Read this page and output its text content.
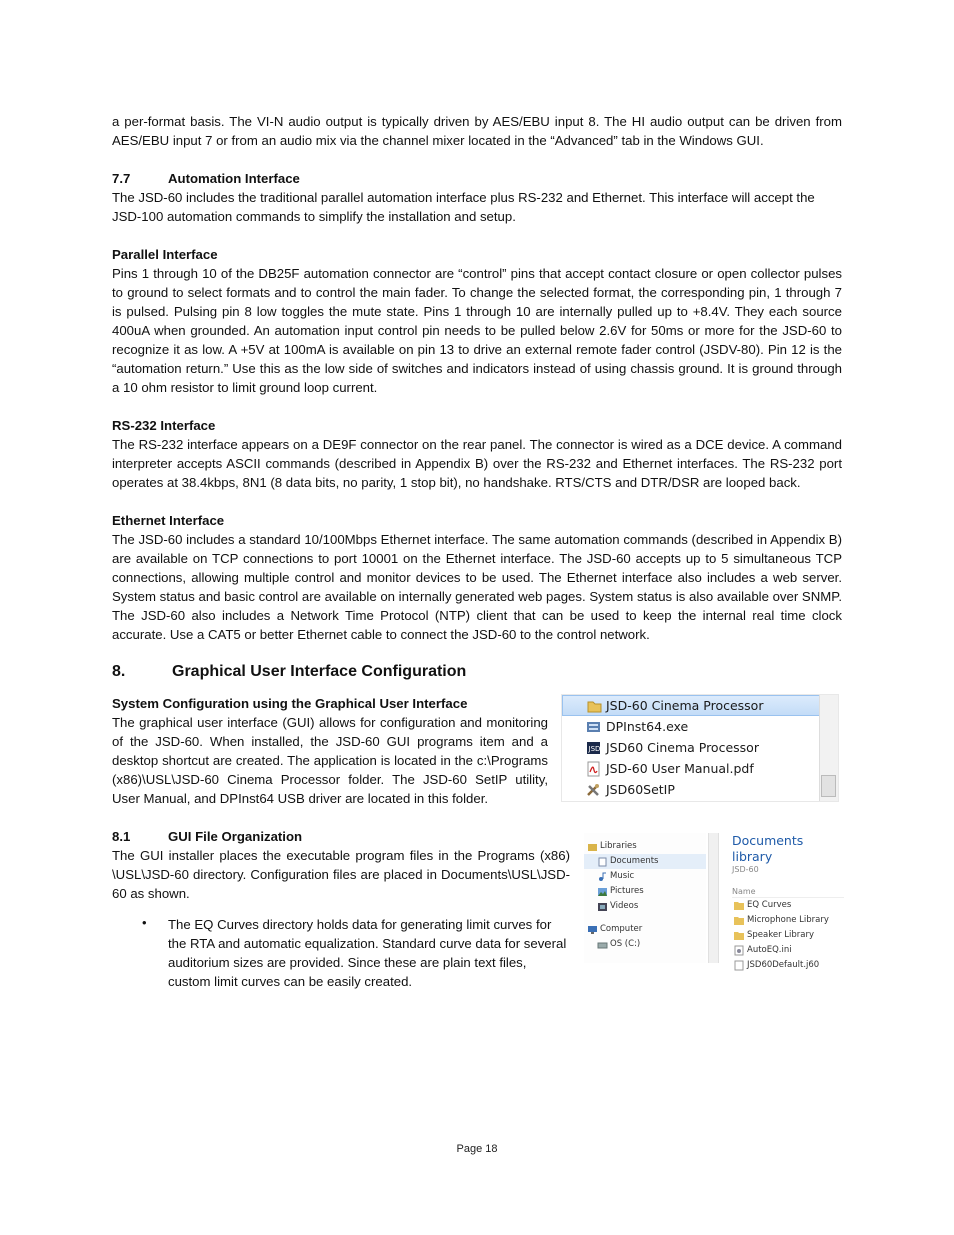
a per-format basis. The VI-N audio output is typically driven by AES/EBU input 8. The HI audio output can be driven from AES/EBU input 7 or from an audio mix via the channel mixer located in the “Advanced” tab in the Windows GUI.

7.7	Automation Interface

The JSD-60 includes the traditional parallel automation interface plus RS-232 and Ethernet. This interface will accept the JSD-100 automation commands to simplify the installation and setup.

Parallel Interface

Pins 1 through 10 of the DB25F automation connector are “control” pins that accept contact closure or open collector pulses to ground to select formats and to control the main fader. To change the selected format, the corresponding pin, 1 through 7 is pulsed. Pulsing pin 8 low toggles the mute state. Pins 1 through 10 are internally pulled up to +8.4V. They each source 400uA when grounded. An automation input control pin needs to be pulled below 2.6V for 50ms or more for the JSD-60 to recognize it as low. A +5V at 100mA is available on pin 13 to drive an external remote fader control (JSDV-80). Pin 12 is the “automation return.” Use this as the low side of switches and indicators instead of using chassis ground. It is ground through a 10 ohm resistor to limit ground loop current.

RS-232 Interface

The RS-232 interface appears on a DE9F connector on the rear panel. The connector is wired as a DCE device. A command interpreter accepts ASCII commands (described in Appendix B) over the RS-232 and Ethernet interfaces. The RS-232 port operates at 38.4kbps, 8N1 (8 data bits, no parity, 1 stop bit), no handshake. RTS/CTS and DTR/DSR are looped back.

Ethernet Interface

The JSD-60 includes a standard 10/100Mbps Ethernet interface. The same automation commands (described in Appendix B) are available on TCP connections to port 10001 on the Ethernet interface. The JSD-60 accepts up to 5 simultaneous TCP connections, allowing multiple control and monitor devices to be used. The Ethernet interface also includes a web server. System status and basic control are available on internally generated web pages. System status is also available over SNMP. The JSD-60 also includes a Network Time Protocol (NTP) client that can be used to keep the internal real time clock accurate. Use a CAT5 or better Ethernet cable to connect the JSD-60 to the control network.

8.	Graphical User Interface Configuration
System Configuration using the Graphical User Interface

The graphical user interface (GUI) allows for configuration and monitoring of the JSD-60. When installed, the JSD-60 GUI programs item and a desktop shortcut are created. The application is located in the c:\Programs (x86)\USL\JSD-60 Cinema Processor folder. The JSD-60 SetIP utility, User Manual, and DPInst64 USB driver are located in this folder.

JSD-60 Cinema Processor
DPInst64.exe
JSD JSD60 Cinema Processor
JSD-60 User Manual.pdf
JSD60SetIP
8.1	GUI File Organization

The GUI installer places the executable program files in the Programs (x86) \USL\JSD-60 directory. Configuration files are placed in Documents\USL\JSD-60 as shown.

• The EQ Curves directory holds data for generating limit curves for the RTA and automatic equalization. Standard curve data for several auditorium sizes are provided. Since these are plain text files, custom limit curves can be easily created.

Libraries
Documents
Music
Pictures
Videos
Computer
OS (C:)
Documents library
JSD-60
Name
EQ Curves
Microphone Library
Speaker Library
AutoEQ.ini
JSD60Default.j60
Page 18
